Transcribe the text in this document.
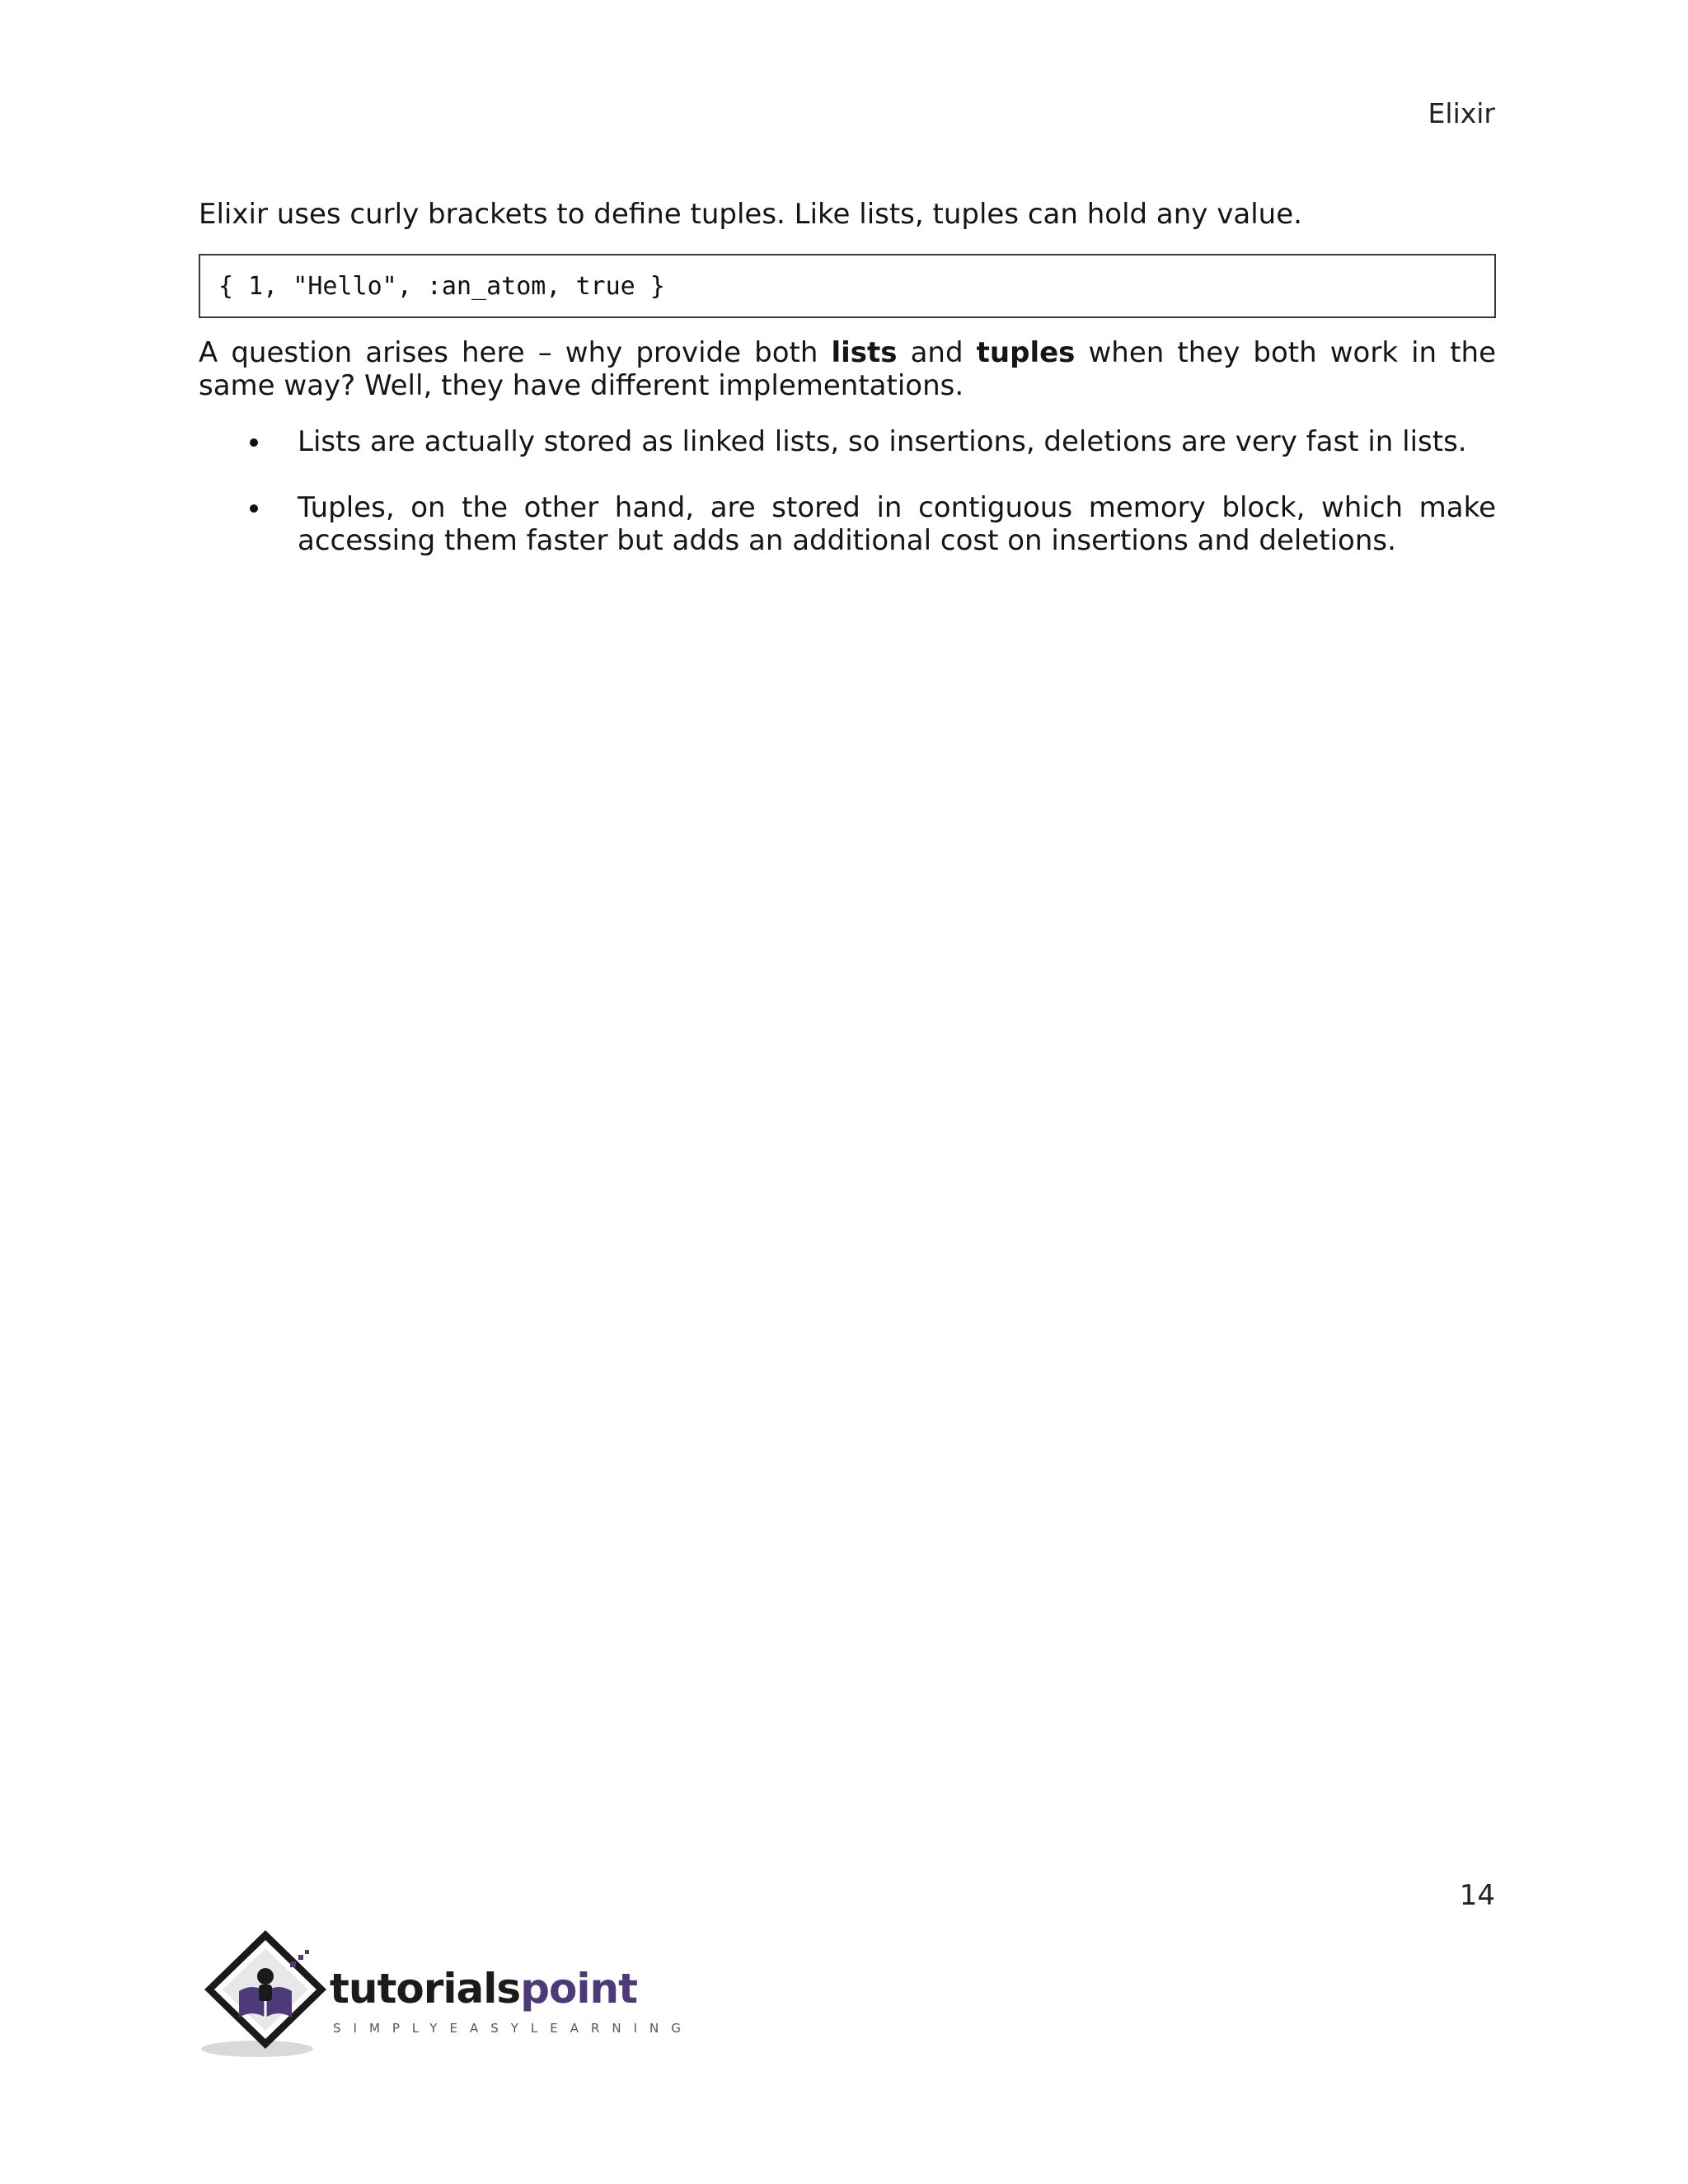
Elixir

Elixir uses curly brackets to define tuples. Like lists, tuples can hold any value.

{ 1, "Hello", :an_atom, true }

A question arises here – why provide both lists and tuples when they both work in the same way? Well, they have different implementations.

Lists are actually stored as linked lists, so insertions, deletions are very fast in lists.
Tuples, on the other hand, are stored in contiguous memory block, which make accessing them faster but adds an additional cost on insertions and deletions.
14
tutorialspoint
SIMPLYEASYLEARNING
